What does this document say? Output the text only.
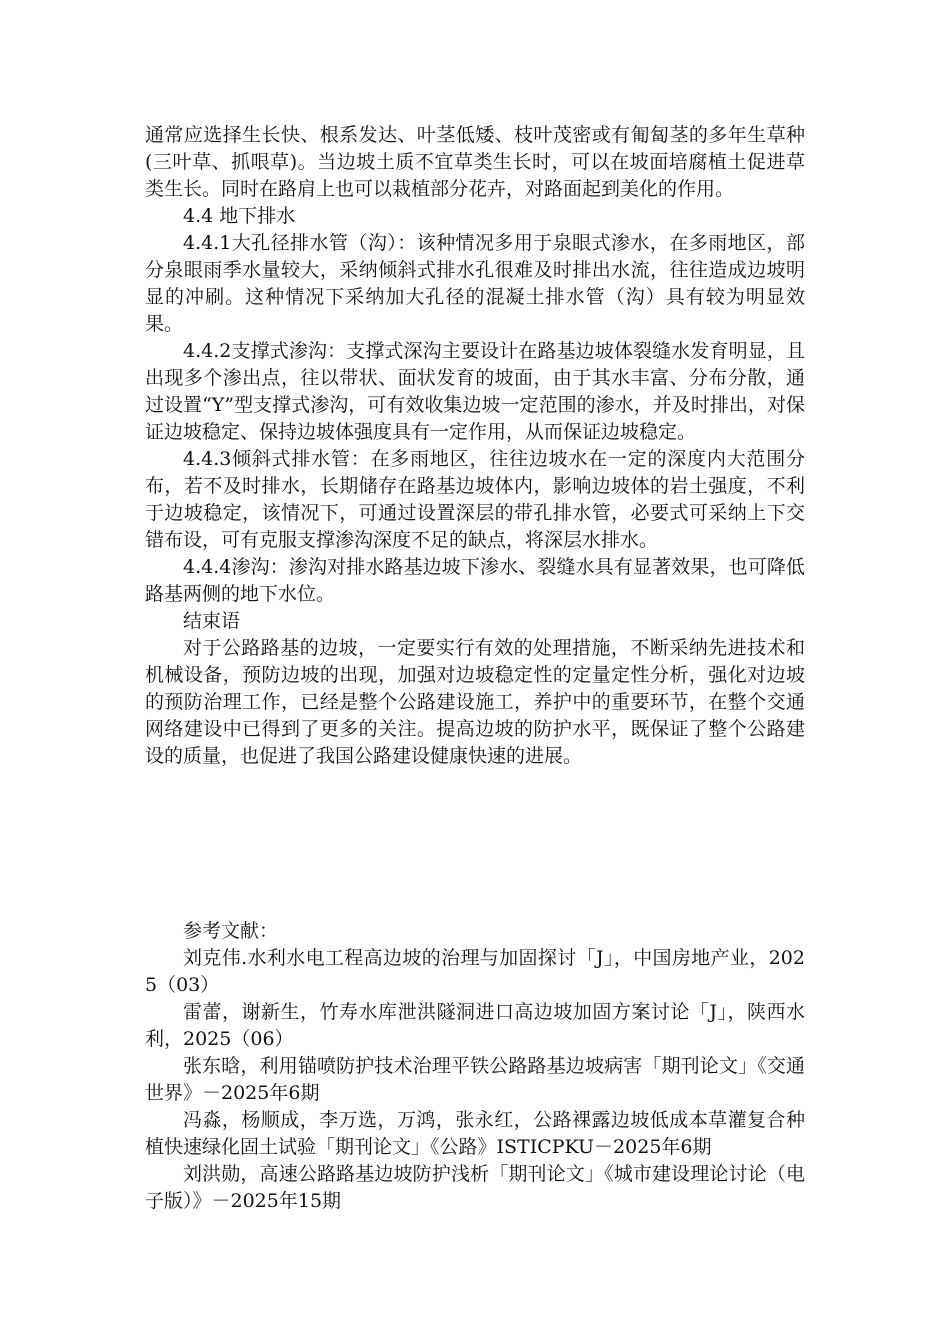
通常应选择生长快、根系发达、叶茎低矮、枝叶茂密或有匍匐茎的多年生草种(三叶草、抓哏草)。当边坡土质不宜草类生长时，可以在坡面培腐植土促进草类生长。同时在路肩上也可以栽植部分花卉，对路面起到美化的作用。

4.4 地下排水

4.4.1大孔径排水管（沟）：该种情况多用于泉眼式渗水，在多雨地区，部分泉眼雨季水量较大，采纳倾斜式排水孔很难及时排出水流，往往造成边坡明显的冲刷。这种情况下采纳加大孔径的混凝土排水管（沟）具有较为明显效果。

4.4.2支撑式渗沟：支撑式深沟主要设计在路基边坡体裂缝水发育明显，且出现多个渗出点，往以带状、面状发育的坡面，由于其水丰富、分布分散，通过设置“Y”型支撑式渗沟，可有效收集边坡一定范围的渗水，并及时排出，对保证边坡稳定、保持边坡体强度具有一定作用，从而保证边坡稳定。

4.4.3倾斜式排水管：在多雨地区，往往边坡水在一定的深度内大范围分布，若不及时排水，长期储存在路基边坡体内，影响边坡体的岩土强度，不利于边坡稳定，该情况下，可通过设置深层的带孔排水管，必要式可采纳上下交错布设，可有克服支撑渗沟深度不足的缺点，将深层水排水。

4.4.4渗沟：渗沟对排水路基边坡下渗水、裂缝水具有显著效果，也可降低路基两侧的地下水位。

结束语

对于公路路基的边坡，一定要实行有效的处理措施，不断采纳先进技术和机械设备，预防边坡的出现，加强对边坡稳定性的定量定性分析，强化对边坡的预防治理工作，已经是整个公路建设施工，养护中的重要环节，在整个交通网络建设中已得到了更多的关注。提高边坡的防护水平，既保证了整个公路建设的质量，也促进了我国公路建设健康快速的进展。

参考文献：

刘克伟.水利水电工程高边坡的治理与加固探讨「J」，中国房地产业，2025（03）

雷蕾，谢新生，竹寿水库泄洪隧洞进口高边坡加固方案讨论「J」，陕西水利，2025（06）

张东晗，利用锚喷防护技术治理平铁公路路基边坡病害「期刊论文」《交通世界》－2025年6期

冯淼，杨顺成，李万选，万鸿，张永红，公路裸露边坡低成本草灌复合种植快速绿化固土试验「期刊论文」《公路》ISTICPKU－2025年6期

刘洪勋，高速公路路基边坡防护浅析「期刊论文」《城市建设理论讨论（电子版）》－2025年15期
